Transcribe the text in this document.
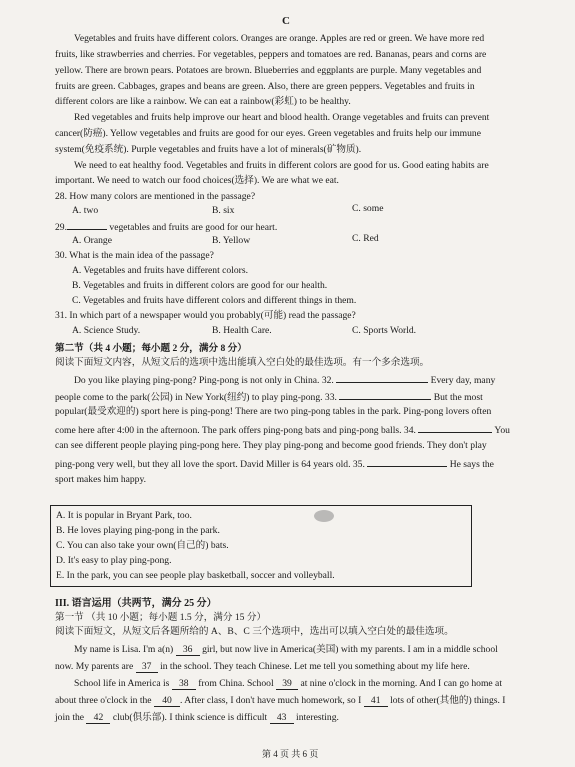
C
Vegetables and fruits have different colors. Oranges are orange. Apples are red or green. We have more red
fruits, like strawberries and cherries. For vegetables, peppers and tomatoes are red. Bananas, pears and corns are
yellow. There are brown pears. Potatoes are brown. Blueberries and eggplants are purple. Many vegetables and
fruits are green. Cabbages, grapes and beans are green. Also, there are green peppers. Vegetables and fruits in
different colors are like a rainbow. We can eat a rainbow(彩虹) to be healthy.
Red vegetables and fruits help improve our heart and blood health. Orange vegetables and fruits can prevent
cancer(防癌). Yellow vegetables and fruits are good for our eyes. Green vegetables and fruits help our immune
system(免疫系统). Purple vegetables and fruits have a lot of minerals(矿物质).
We need to eat healthy food. Vegetables and fruits in different colors are good for us. Good eating habits are
important. We need to watch our food choices(选择). We are what we eat.
28. How many colors are mentioned in the passage?
A. two	B. six	C. some
29.	vegetables and fruits are good for our heart.
A. Orange	B. Yellow	C. Red
30. What is the main idea of the passage?
A. Vegetables and fruits have different colors.
B. Vegetables and fruits in different colors are good for our health.
C. Vegetables and fruits have different colors and different things in them.
31. In which part of a newspaper would you probably(可能) read the passage?
A. Science Study.	B. Health Care.	C. Sports World.
第二节（共 4 小题；每小题 2 分，满分 8 分）
阅读下面短文内容，从短文后的选项中选出能填入空白处的最佳选项。有一个多余选项。
Do you like playing ping-pong? Ping-pong is not only in China. 32.	Every day, many
people come to the park(公园) in New York(纽约) to play ping-pong. 33.	But the most
popular(最受欢迎的) sport here is ping-pong! There are two ping-pong tables in the park. Ping-pong lovers often
come here after 4:00 in the afternoon. The park offers ping-pong bats and ping-pong balls. 34.	You
can see different people playing ping-pong here. They play ping-pong and become good friends. They don't play
ping-pong very well, but they all love the sport. David Miller is 64 years old. 35.	He says the
sport makes him happy.
A. It is popular in Bryant Park, too.
B. He loves playing ping-pong in the park.
C. You can also take your own(自己的) bats.
D. It's easy to play ping-pong.
E. In the park, you can see people play basketball, soccer and volleyball.
III. 语言运用（共两节，满分 25 分）
第一节 （共 10 小题；每小题 1.5 分，满分 15 分）
阅读下面短文，从短文后各题所给的 A、B、C 三个选项中，选出可以填入空白处的最佳选项。
My name is Lisa. I'm a(n) 36 girl, but now live in America(美国) with my parents. I am in a middle school
now. My parents are 37 in the school. They teach Chinese. Let me tell you something about my life here.
School life in America is 38 from China. School 39 at nine o'clock in the morning. And I can go home at
about three o'clock in the 40 . After class, I don't have much homework, so I 41 lots of other(其他的) things. I
join the 42 club(俱乐部). I think science is difficult 43 interesting.
第 4 页 共 6 页
